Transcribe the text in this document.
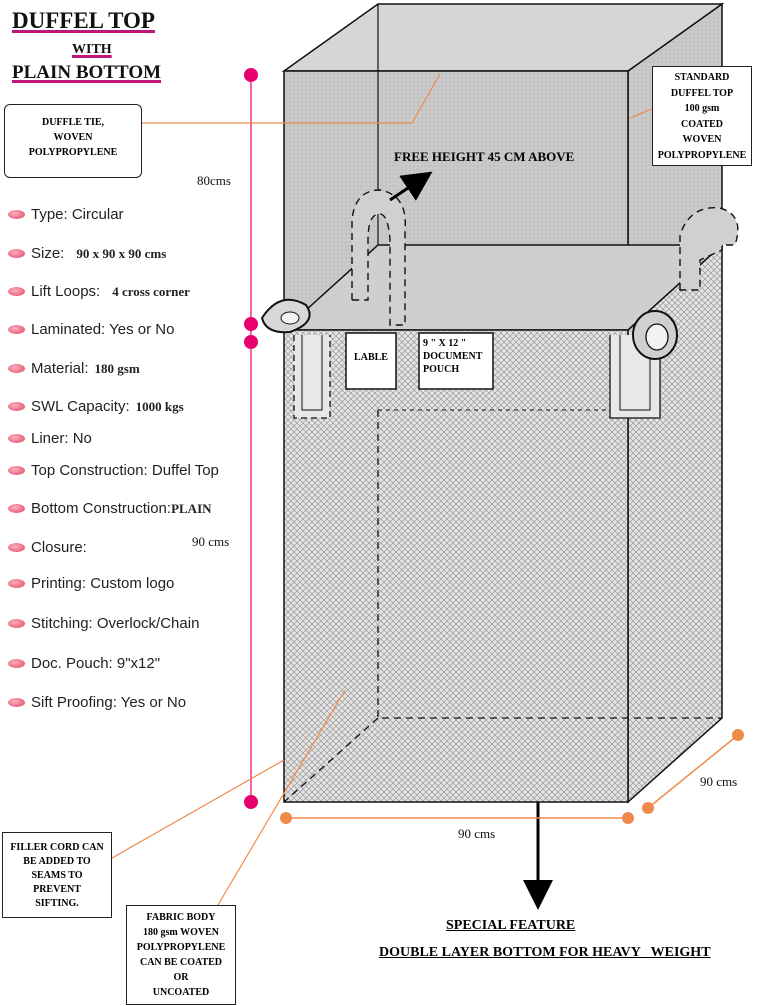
DUFFEL TOP
WITH
PLAIN BOTTOM
DUFFLE TIE,
WOVEN
POLYPROPYLENE
STANDARD
DUFFEL TOP
100 gsm
COATED
WOVEN
POLYPROPYLENE
FILLER CORD CAN
BE ADDED TO
SEAMS TO
PREVENT
SIFTING.
FABRIC BODY
180 gsm WOVEN
POLYPROPYLENE
CAN BE COATED
OR
UNCOATED
Type: Circular
Size: 90 x 90 x 90 cms
Lift Loops: 4 cross corner
Laminated: Yes or No
Material: 180 gsm
SWL Capacity: 1000 kgs
Liner: No
Top Construction: Duffel Top
Bottom Construction: PLAIN
Closure:
Printing: Custom logo
Stitching: Overlock/Chain
Doc. Pouch: 9"x12"
Sift Proofing: Yes or No
80cms
90 cms
90 cms
90 cms
FREE HEIGHT 45 CM ABOVE
LABLE
9 " X 12 "
DOCUMENT
POUCH
SPECIAL FEATURE
DOUBLE LAYER BOTTOM FOR HEAVY   WEIGHT
